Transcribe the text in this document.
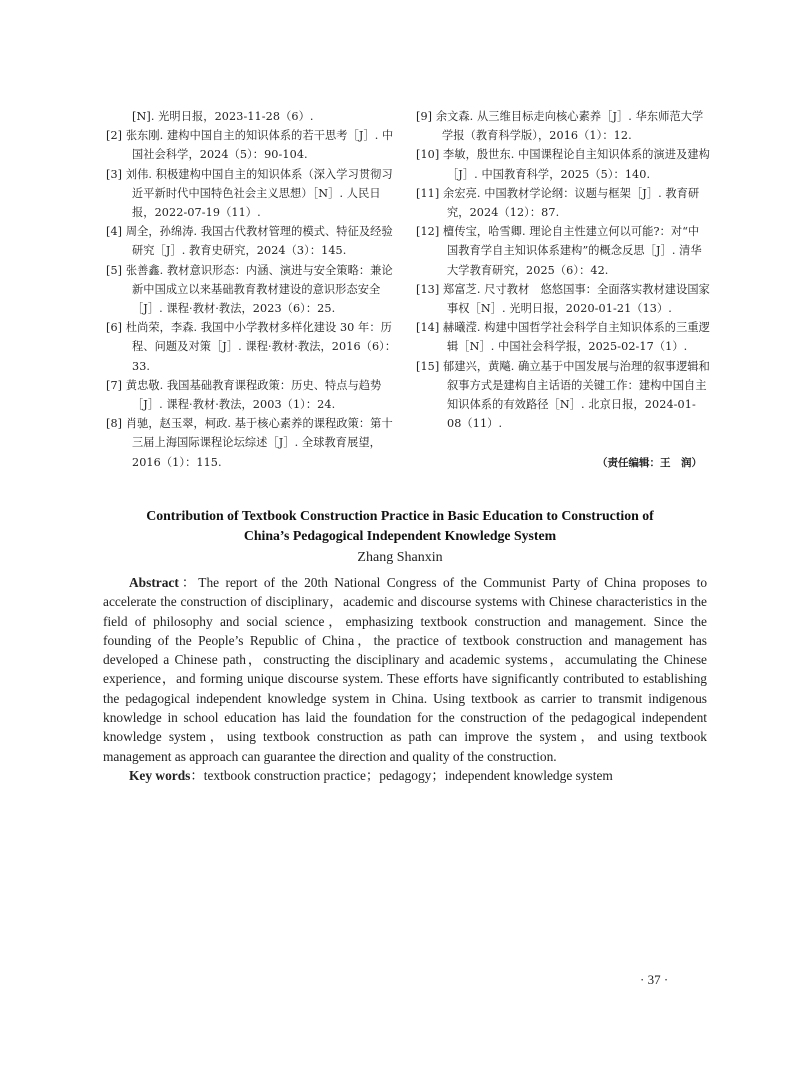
[N]. 光明日报，2023-11-28（6）.

[2] 张东刚. 建构中国自主的知识体系的若干思考［J］. 中国社会科学，2024（5）：90-104.

[3] 刘伟. 积极建构中国自主的知识体系（深入学习贯彻习近平新时代中国特色社会主义思想）［N］. 人民日报，2022-07-19（11）.

[4] 周全，孙绵涛. 我国古代教材管理的模式、特征及经验研究［J］. 教育史研究，2024（3）：145.

[5] 张善鑫. 教材意识形态：内涵、演进与安全策略：兼论新中国成立以来基础教育教材建设的意识形态安全［J］. 课程·教材·教法，2023（6）：25.

[6] 杜尚荣，李森. 我国中小学教材多样化建设 30 年：历程、问题及对策［J］. 课程·教材·教法，2016（6）：33.

[7] 黄忠敬. 我国基础教育课程政策：历史、特点与趋势［J］. 课程·教材·教法，2003（1）：24.

[8] 肖驰，赵玉翠，柯政. 基于核心素养的课程政策：第十三届上海国际课程论坛综述［J］. 全球教育展望，2016（1）：115.

[9] 余文森. 从三维目标走向核心素养［J］. 华东师范大学学报（教育科学版），2016（1）：12.

[10] 李敏，殷世东. 中国课程论自主知识体系的演进及建构［J］. 中国教育科学，2025（5）：140.

[11] 余宏亮. 中国教材学论纲：议题与框架［J］. 教育研究，2024（12）：87.

[12] 檀传宝，哈雪卿. 理论自主性建立何以可能?：对“中国教育学自主知识体系建构”的概念反思［J］. 清华大学教育研究，2025（6）：42.

[13] 郑富芝. 尺寸教材　悠悠国事：全面落实教材建设国家事权［N］. 光明日报，2020-01-21（13）.

[14] 赫曦滢. 构建中国哲学社会科学自主知识体系的三重逻辑［N］. 中国社会科学报，2025-02-17（1）.

[15] 郁建兴，黄飚. 确立基于中国发展与治理的叙事逻辑和叙事方式是建构自主话语的关键工作：建构中国自主知识体系的有效路径［N］. 北京日报，2024-01-08（11）.

（责任编辑：王　润）
Contribution of Textbook Construction Practice in Basic Education to Construction of
China’s Pedagogical Independent Knowledge System
Zhang Shanxin

Abstract：The report of the 20th National Congress of the Communist Party of China proposes to accelerate the construction of disciplinary，academic and discourse systems with Chinese characteristics in the field of philosophy and social science，emphasizing textbook construction and management. Since the founding of the People’s Republic of China，the practice of textbook construction and management has developed a Chinese path，constructing the disciplinary and academic systems，accumulating the Chinese experience，and forming unique discourse system. These efforts have significantly contributed to establishing the pedagogical independent knowledge system in China. Using textbook as carrier to transmit indigenous knowledge in school education has laid the foundation for the construction of the pedagogical independent knowledge system，using textbook construction as path can improve the system，and using textbook management as approach can guarantee the direction and quality of the construction.

Key words：textbook construction practice；pedagogy；independent knowledge system

· 37 ·
